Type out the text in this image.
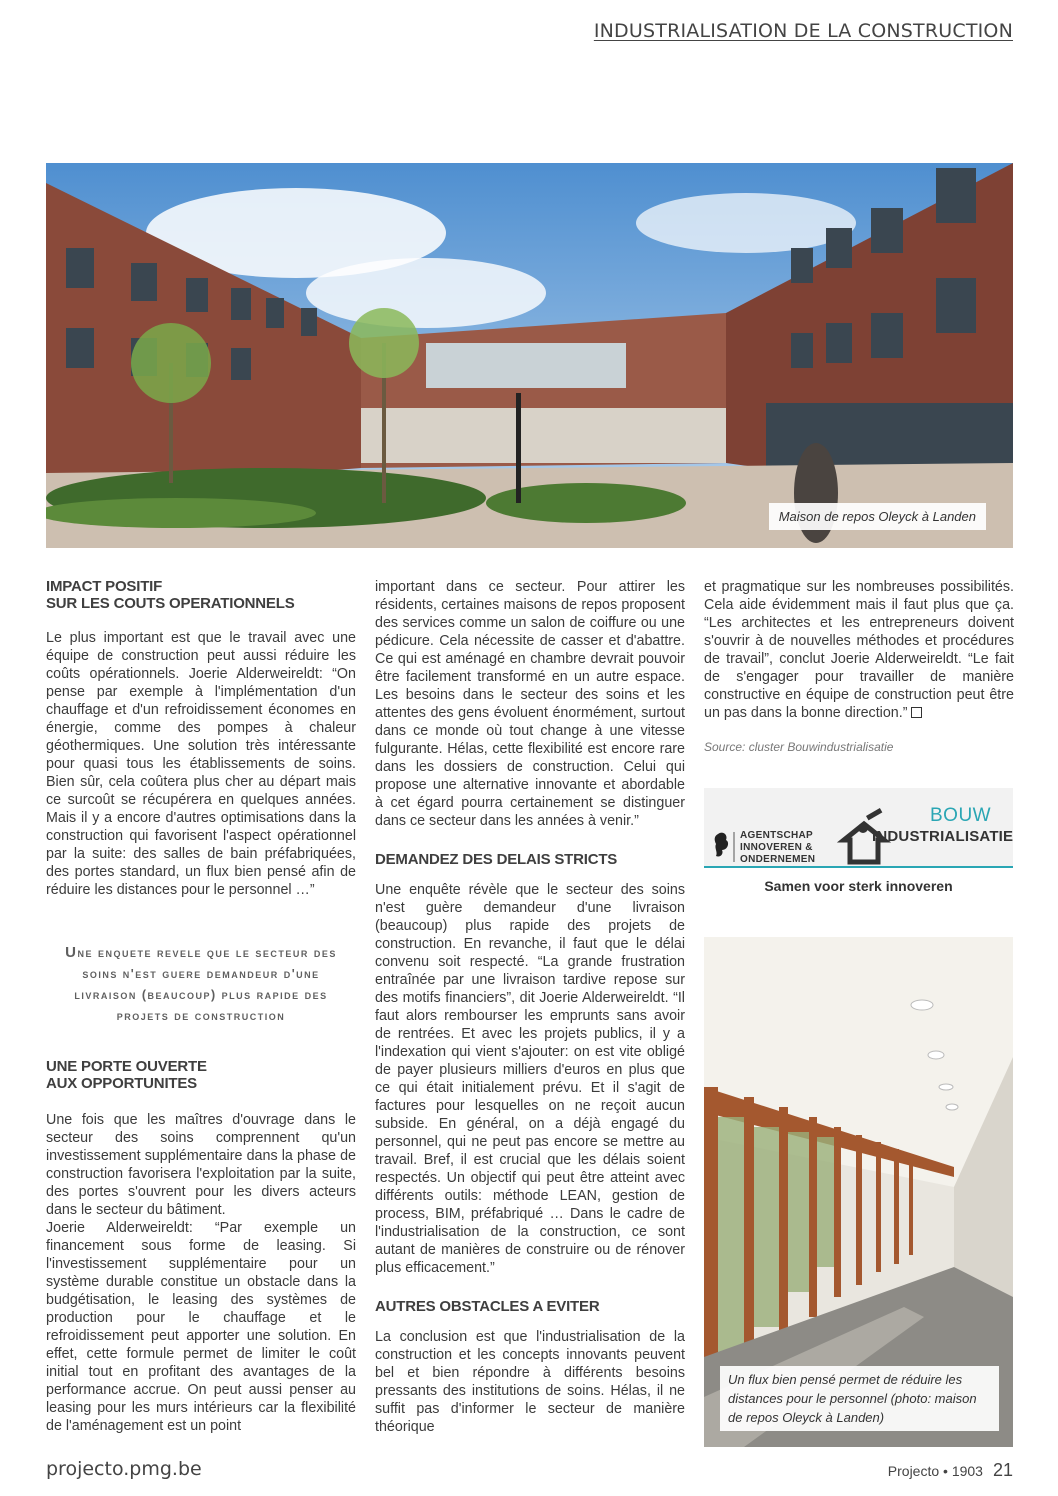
INDUSTRIALISATION DE LA CONSTRUCTION
Maison de repos Oleyck à Landen

IMPACT POSITIF

SUR LES COUTS OPERATIONNELS

Le plus important est que le travail avec une équipe de construction peut aussi réduire les coûts opérationnels. Joerie Alderweireldt: “On pense par exemple à l'implémentation d'un chauffage et d'un refroidissement économes en énergie, comme des pompes à chaleur géothermiques. Une solution très intéressante pour quasi tous les établissements de soins. Bien sûr, cela coûtera plus cher au départ mais ce surcoût se récupérera en quelques années. Mais il y a encore d'autres optimisations dans la construction qui favorisent l'aspect opérationnel par la suite: des salles de bain préfabriquées, des portes standard, un flux bien pensé afin de réduire les distances pour le personnel …”

Une enquete revele que le secteur des soins n'est guere demandeur d'une livraison (beaucoup) plus rapide des projets de construction

UNE PORTE OUVERTE

AUX OPPORTUNITES

Une fois que les maîtres d'ouvrage dans le secteur des soins comprennent qu'un investissement supplémentaire dans la phase de construction favorisera l'exploitation par la suite, des portes s'ouvrent pour les divers acteurs dans le secteur du bâtiment.

Joerie Alderweireldt: “Par exemple un financement sous forme de leasing. Si l'investissement supplémentaire pour un système durable constitue un obstacle dans la budgétisation, le leasing des systèmes de production pour le chauffage et le refroidissement peut apporter une solution. En effet, cette formule permet de limiter le coût initial tout en profitant des avantages de la performance accrue. On peut aussi penser au leasing pour les murs intérieurs car la flexibilité de l'aménagement est un point

important dans ce secteur. Pour attirer les résidents, certaines maisons de repos proposent des services comme un salon de coiffure ou une pédicure. Cela nécessite de casser et d'abattre. Ce qui est aménagé en chambre devrait pouvoir être facilement transformé en un autre espace. Les besoins dans le secteur des soins et les attentes des gens évoluent énormément, surtout dans ce monde où tout change à une vitesse fulgurante. Hélas, cette flexibilité est encore rare dans les dossiers de construction. Celui qui propose une alternative innovante et abordable à cet égard pourra certainement se distinguer dans ce secteur dans les années à venir.”

DEMANDEZ DES DELAIS STRICTS

Une enquête révèle que le secteur des soins n'est guère demandeur d'une livraison (beaucoup) plus rapide des projets de construction. En revanche, il faut que le délai convenu soit respecté. “La grande frustration entraînée par une livraison tardive repose sur des motifs financiers”, dit Joerie Alderweireldt. “Il faut alors rembourser les emprunts sans avoir de rentrées. Et avec les projets publics, il y a l'indexation qui vient s'ajouter: on est vite obligé de payer plusieurs milliers d'euros en plus que ce qui était initialement prévu. Et il s'agit de factures pour lesquelles on ne reçoit aucun subside. En général, on a déjà engagé du personnel, qui ne peut pas encore se mettre au travail. Bref, il est crucial que les délais soient respectés. Un objectif qui peut être atteint avec différents outils: méthode LEAN, gestion de process, BIM, préfabriqué … Dans le cadre de l'industrialisation de la construction, ce sont autant de manières de construire ou de rénover plus efficacement.”

AUTRES OBSTACLES A EVITER

La conclusion est que l'industrialisation de la construction et les concepts innovants peuvent bel et bien répondre à différents besoins pressants des institutions de soins. Hélas, il ne suffit pas d'informer le secteur de manière théorique

et pragmatique sur les nombreuses possibilités. Cela aide évidemment mais il faut plus que ça. “Les architectes et les entrepreneurs doivent s'ouvrir à de nouvelles méthodes et procédures de travail”, conclut Joerie Alderweireldt. “Le fait de s'engager pour travailler de manière constructive en équipe de construction peut être un pas dans la bonne direction.”

Source: cluster Bouwindustrialisatie

AGENTSCHAP
INNOVEREN &
ONDERNEMEN
BOUW
INDUSTRIALISATIE
Samen voor sterk innoveren
Un flux bien pensé permet de réduire les distances pour le personnel (photo: maison de repos Oleyck à Landen)
projecto.pmg.be	Projecto • 1903 21
